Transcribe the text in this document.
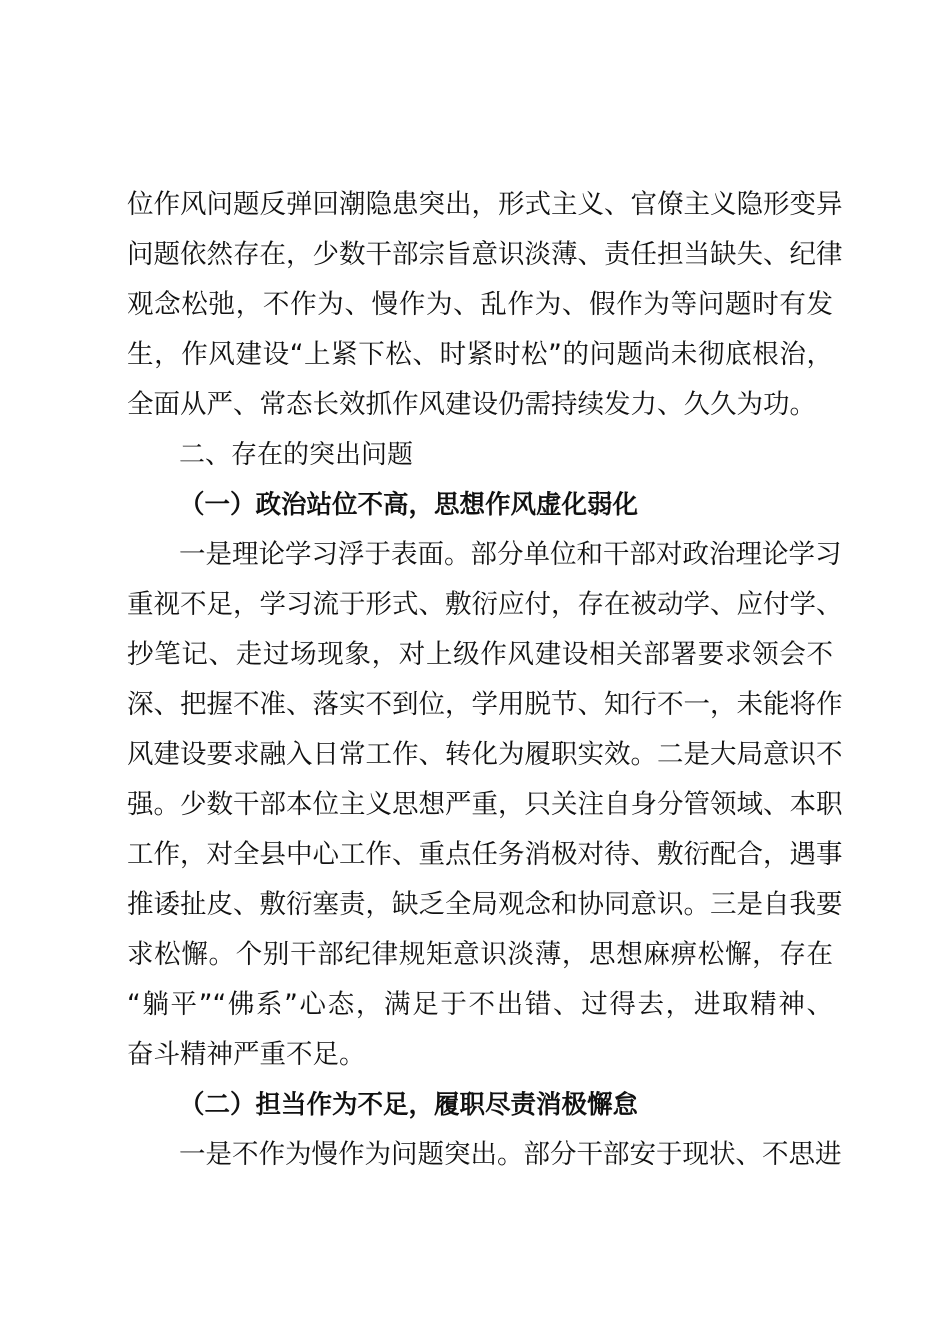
位作风问题反弹回潮隐患突出，形式主义、官僚主义隐形变异
问题依然存在，少数干部宗旨意识淡薄、责任担当缺失、纪律
观念松弛，不作为、慢作为、乱作为、假作为等问题时有发
生，作风建设“上紧下松、时紧时松”的问题尚未彻底根治，
全面从严、常态长效抓作风建设仍需持续发力、久久为功。
二、存在的突出问题
（一）政治站位不高，思想作风虚化弱化
一是理论学习浮于表面。部分单位和干部对政治理论学习
重视不足，学习流于形式、敷衍应付，存在被动学、应付学、
抄笔记、走过场现象，对上级作风建设相关部署要求领会不
深、把握不准、落实不到位，学用脱节、知行不一，未能将作
风建设要求融入日常工作、转化为履职实效。二是大局意识不
强。少数干部本位主义思想严重，只关注自身分管领域、本职
工作，对全县中心工作、重点任务消极对待、敷衍配合，遇事
推诿扯皮、敷衍塞责，缺乏全局观念和协同意识。三是自我要
求松懈。个别干部纪律规矩意识淡薄，思想麻痹松懈，存在
“躺平”“佛系”心态，满足于不出错、过得去，进取精神、
奋斗精神严重不足。
（二）担当作为不足，履职尽责消极懈怠
一是不作为慢作为问题突出。部分干部安于现状、不思进
